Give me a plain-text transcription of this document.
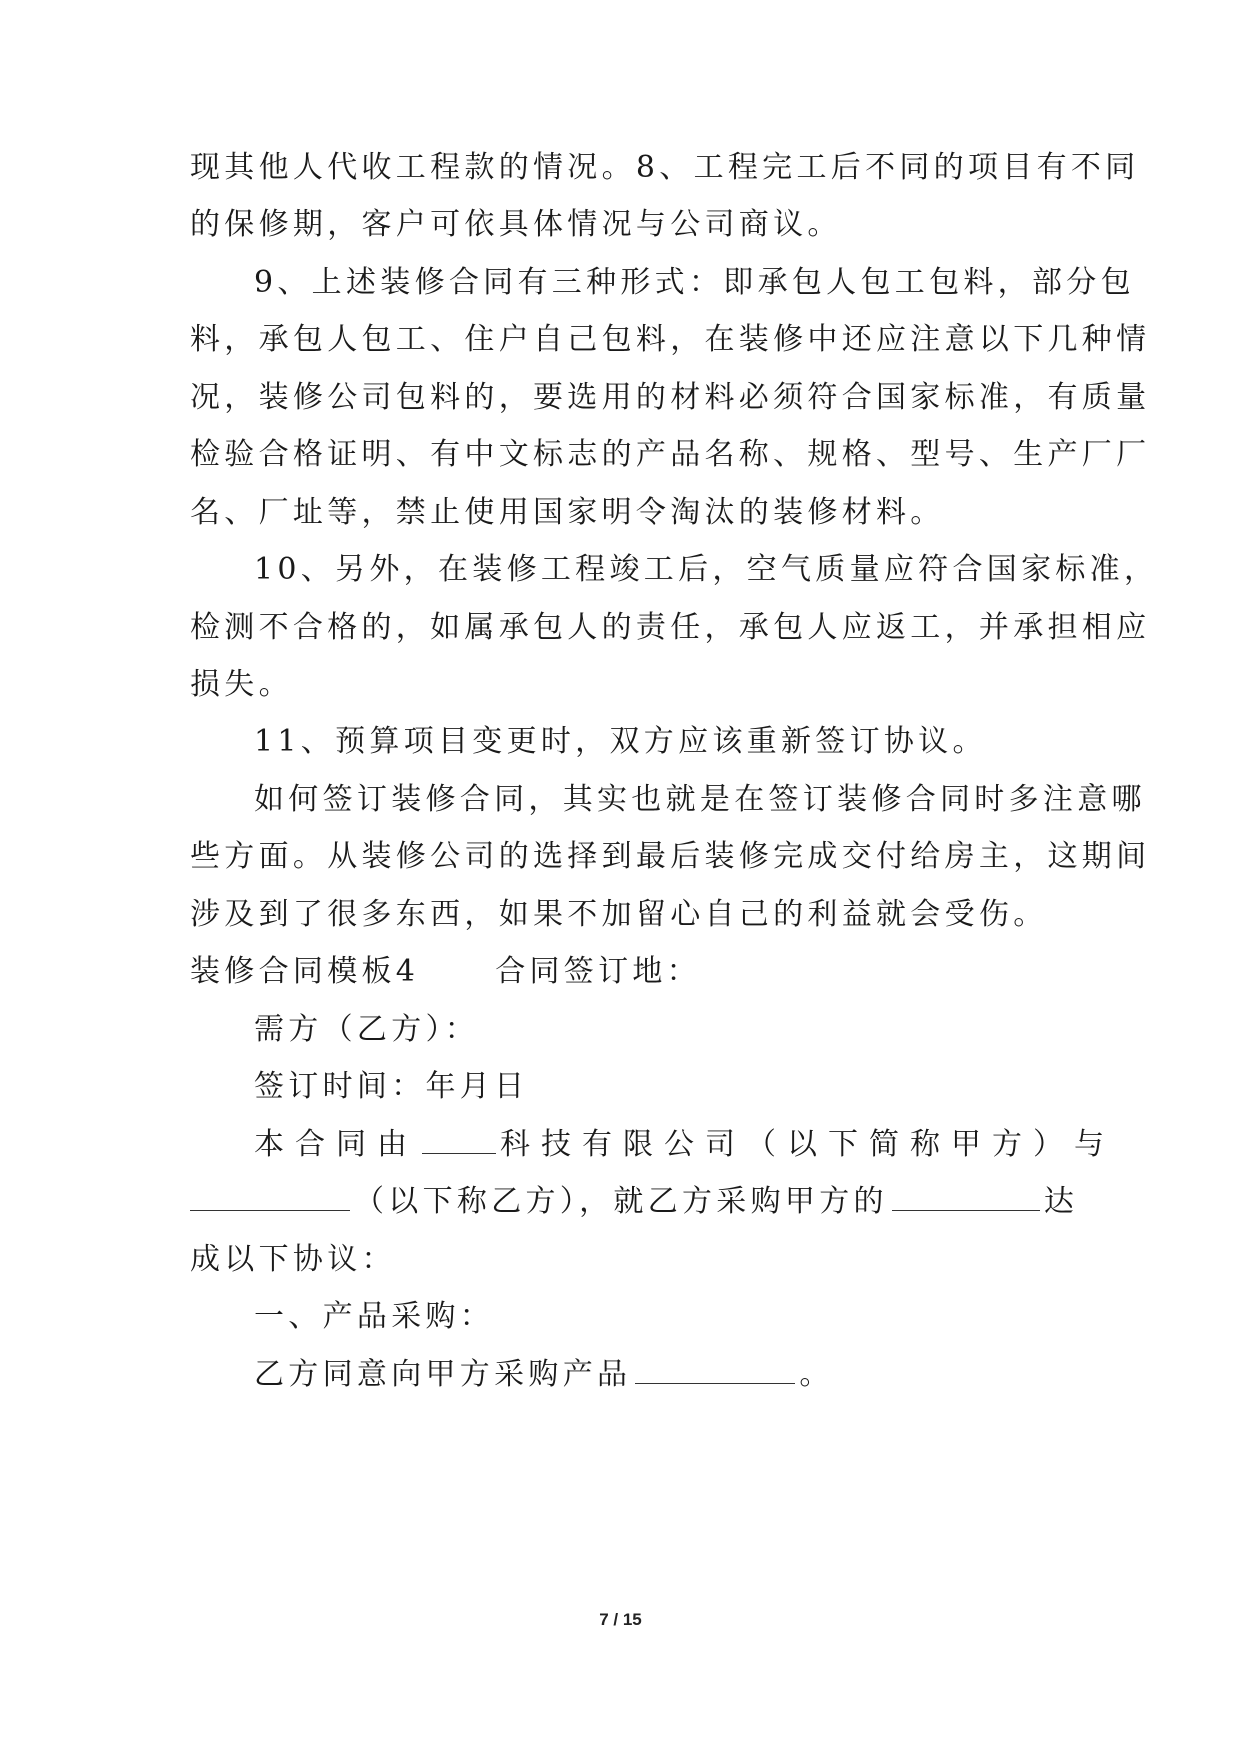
现其他人代收工程款的情况。8、工程完工后不同的项目有不同
的保修期，客户可依具体情况与公司商议。
9、上述装修合同有三种形式：即承包人包工包料，部分包
料，承包人包工、住户自己包料，在装修中还应注意以下几种情
况，装修公司包料的，要选用的材料必须符合国家标准，有质量
检验合格证明、有中文标志的产品名称、规格、型号、生产厂厂
名、厂址等，禁止使用国家明令淘汰的装修材料。
10、另外，在装修工程竣工后，空气质量应符合国家标准，
检测不合格的，如属承包人的责任，承包人应返工，并承担相应
损失。
11、预算项目变更时，双方应该重新签订协议。
如何签订装修合同，其实也就是在签订装修合同时多注意哪
些方面。从装修公司的选择到最后装修完成交付给房主，这期间
涉及到了很多东西，如果不加留心自己的利益就会受伤。
装修合同模板4	合同签订地：
需方（乙方）：
签订时间：年月日
本合同由	科技有限公司（以下简称甲方）与
（以下称乙方），就乙方采购甲方的	达
成以下协议：
一、产品采购：
乙方同意向甲方采购产品	。
7 / 15
